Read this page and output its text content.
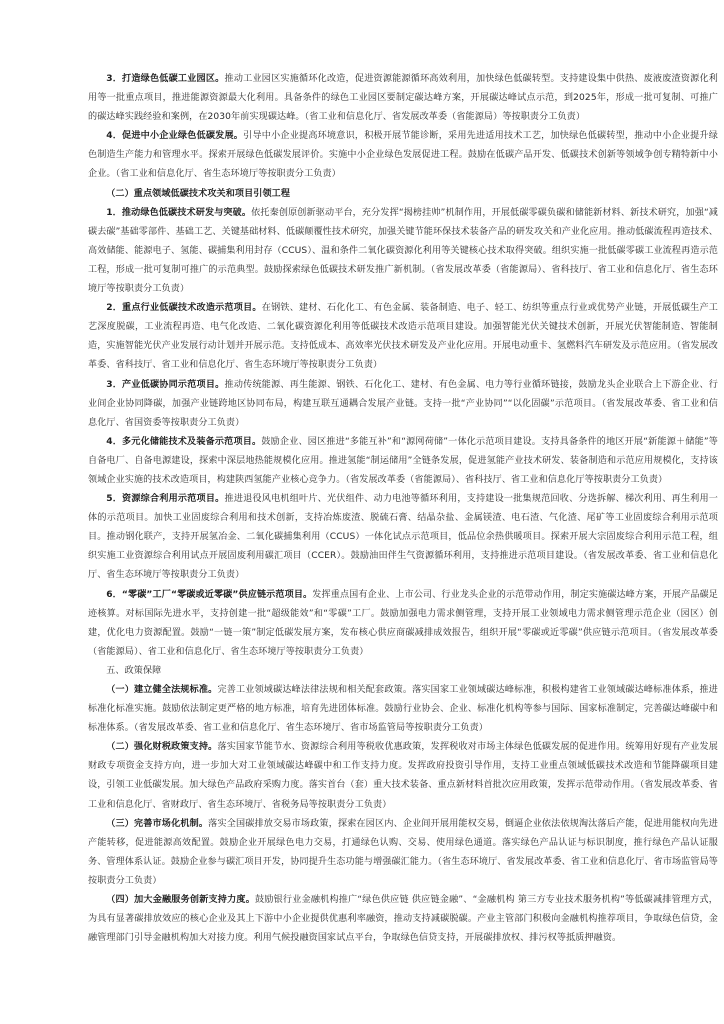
3．打造绿色低碳工业园区。推动工业园区实施循环化改造，促进资源能源循环高效利用，加快绿色低碳转型。支持建设集中供热、废液废渣资源化利用等一批重点项目，推进能源资源最大化利用。具备条件的绿色工业园区要制定碳达峰方案，开展碳达峰试点示范，到2025年，形成一批可复制、可推广的碳达峰实践经验和案例，在2030年前实现碳达峰。（省工业和信息化厅、省发展改革委（省能源局）等按职责分工负责）

4．促进中小企业绿色低碳发展。引导中小企业提高环境意识，积极开展节能诊断，采用先进适用技术工艺，加快绿色低碳转型，推动中小企业提升绿色制造生产能力和管理水平。探索开展绿色低碳发展评价。实施中小企业绿色发展促进工程。鼓励在低碳产品开发、低碳技术创新等领域争创专精特新中小企业。（省工业和信息化厅、省生态环境厅等按职责分工负责）

（二）重点领域低碳技术攻关和项目引领工程

1．推动绿色低碳技术研发与突破。依托秦创原创新驱动平台，充分发挥“揭榜挂帅”机制作用，开展低碳零碳负碳和储能新材料、新技术研究，加强“减碳去碳”基础零部件、基础工艺、关键基础材料、低碳颠覆性技术研究，加强关键节能环保技术装备产品的研发攻关和产业化应用。推动低碳流程再造技术、高效储能、能源电子、氢能、碳捕集利用封存（CCUS）、温和条件二氧化碳资源化利用等关键核心技术取得突破。组织实施一批低碳零碳工业流程再造示范工程，形成一批可复制可推广的示范典型。鼓励探索绿色低碳技术研发推广新机制。（省发展改革委（省能源局）、省科技厅、省工业和信息化厅、省生态环境厅等按职责分工负责）

2．重点行业低碳技术改造示范项目。在钢铁、建材、石化化工、有色金属、装备制造、电子、轻工、纺织等重点行业或优势产业链，开展低碳生产工艺深度脱碳，工业流程再造、电气化改造、二氧化碳资源化利用等低碳技术改造示范项目建设。加强智能光伏关键技术创新，开展光伏智能制造、智能制造，实施智能光伏产业发展行动计划并开展示范。支持低成本、高效率光伏技术研发及产业化应用。开展电动重卡、氢燃料汽车研发及示范应用。（省发展改革委、省科技厅、省工业和信息化厅、省生态环境厅等按职责分工负责）

3．产业低碳协同示范项目。推动传统能源、再生能源、钢铁、石化化工、建材、有色金属、电力等行业循环链接，鼓励龙头企业联合上下游企业、行业间企业协同降碳，加强产业链跨地区协同布局，构建互联互通耦合发展产业链。支持一批“产业协同”“以化固碳”示范项目。（省发展改革委、省工业和信息化厅、省国资委等按职责分工负责）

4．多元化储能技术及装备示范项目。鼓励企业、园区推进“多能互补”和“源网荷储”一体化示范项目建设。支持具备条件的地区开展“新能源＋储能”等自备电厂、自备电源建设，探索中深层地热能规模化应用。推进氢能“制运储用”全链条发展，促进氢能产业技术研发、装备制造和示范应用规模化，支持该领域企业实施的技术改造项目，构建陕西氢能产业核心竞争力。（省发展改革委（省能源局）、省科技厅、省工业和信息化厅等按职责分工负责）

5．资源综合利用示范项目。推进退役风电机组叶片、光伏组件、动力电池等循环利用，支持建设一批集规范回收、分选拆解、梯次利用、再生利用一体的示范项目。加快工业固废综合利用和技术创新，支持冶炼废渣、脱硫石膏、结晶杂盐、金属镁渣、电石渣、气化渣、尾矿等工业固废综合利用示范项目。推动钢化联产，支持开展氢冶金、二氧化碳捕集利用（CCUS）一体化试点示范项目，低品位余热供暖项目。探索开展大宗固废综合利用示范工程，组织实施工业资源综合利用试点开展固废利用碳汇项目（CCER）。鼓励油田伴生气资源循环利用，支持推进示范项目建设。（省发展改革委、省工业和信息化厅、省生态环境厅等按职责分工负责）

6．“零碳”工厂“零碳或近零碳”供应链示范项目。发挥重点国有企业、上市公司、行业龙头企业的示范带动作用，制定实施碳达峰方案，开展产品碳足迹核算。对标国际先进水平，支持创建一批“超级能效”和“零碳”工厂。鼓励加强电力需求侧管理，支持开展工业领域电力需求侧管理示范企业（园区）创建，优化电力资源配置。鼓励“一链一策”制定低碳发展方案，发布核心供应商碳减排成效报告，组织开展“零碳或近零碳”供应链示范项目。（省发展改革委（省能源局）、省工业和信息化厅、省生态环境厅等按职责分工负责）

五、政策保障

（一）建立健全法规标准。完善工业领域碳达峰法律法规和相关配套政策。落实国家工业领域碳达峰标准，积极构建省工业领域碳达峰标准体系，推进标准化标准实施。鼓励依法制定更严格的地方标准，培育先进团体标准。鼓励行业协会、企业、标准化机构等参与国际、国家标准制定，完善碳达峰碳中和标准体系。（省发展改革委、省工业和信息化厅、省生态环境厅、省市场监管局等按职责分工负责）

（二）强化财税政策支持。落实国家节能节水、资源综合利用等税收优惠政策，发挥税收对市场主体绿色低碳发展的促进作用。统筹用好现有产业发展财政专项资金支持方向，进一步加大对工业领域碳达峰碳中和工作支持力度。发挥政府投资引导作用，支持工业重点领域低碳技术改造和节能降碳项目建设，引领工业低碳发展。加大绿色产品政府采购力度。落实首台（套）重大技术装备、重点新材料首批次应用政策，发挥示范带动作用。（省发展改革委、省工业和信息化厅、省财政厅、省生态环境厅、省税务局等按职责分工负责）

（三）完善市场化机制。落实全国碳排放交易市场政策，探索在园区内、企业间开展用能权交易，倒逼企业依法依规淘汰落后产能，促进用能权向先进产能转移，促进能源高效配置。鼓励企业开展绿色电力交易，打通绿色认购、交易、使用绿色通道。落实绿色产品认证与标识制度，推行绿色产品认证服务、管理体系认证。鼓励企业参与碳汇项目开发，协同提升生态功能与增强碳汇能力。（省生态环境厅、省发展改革委、省工业和信息化厅、省市场监管局等按职责分工负责）

（四）加大金融服务创新支持力度。鼓励银行业金融机构推广“绿色供应链 供应链金融”、“金融机构 第三方专业技术服务机构”等低碳减排管理方式，为具有显著碳排放效应的核心企业及其上下游中小企业提供优惠利率融资，推动支持减碳脱碳。产业主管部门积极向金融机构推荐项目，争取绿色信贷，金融管理部门引导金融机构加大对接力度。利用气候投融资国家试点平台，争取绿色信贷支持，开展碳排放权、排污权等抵质押融资。
